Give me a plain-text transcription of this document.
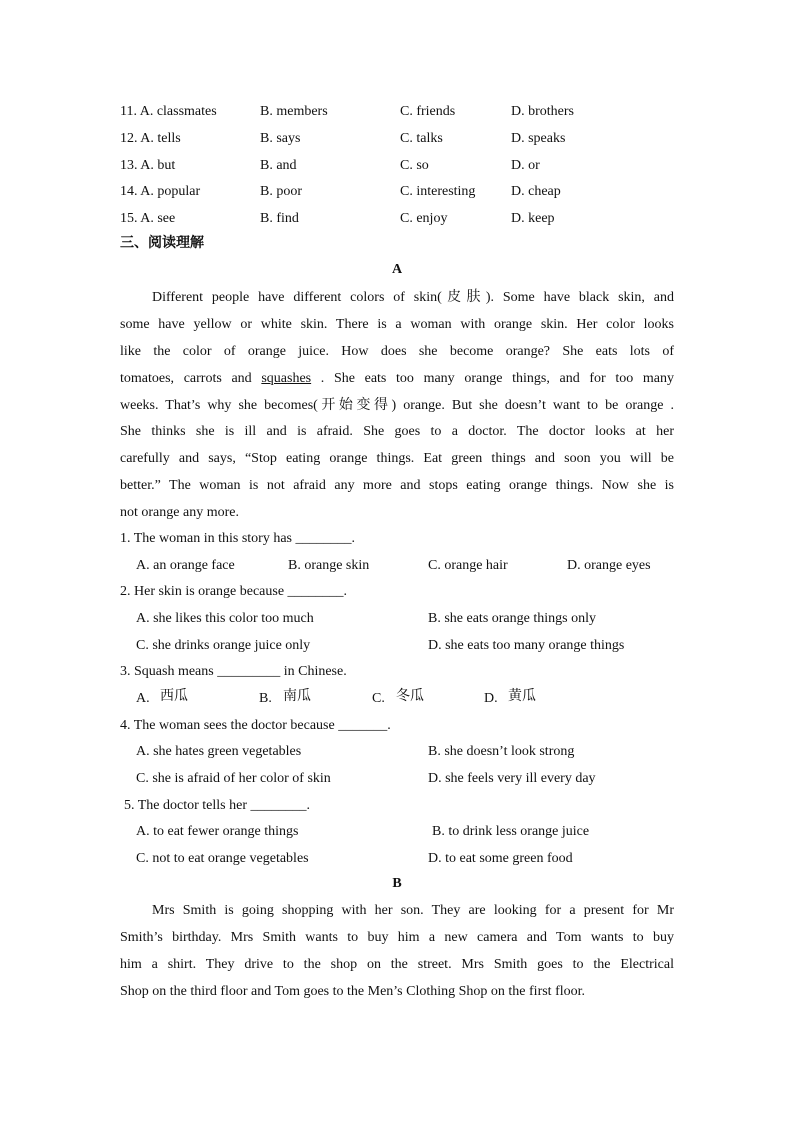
11. A. classmates	B. members	C. friends	D. brothers
12. A. tells	B. says	C. talks	D. speaks
13. A. but	B. and	C. so	D. or
14. A. popular	B. poor	C. interesting	D. cheap
15. A. see	B. find	C. enjoy	D. keep
三、阅读理解
A
Different people have different colors of skin(皮肤). Some have black skin, and
some have yellow or white skin. There is a woman with orange skin. Her color looks
like the color of orange juice. How does she become orange? She eats lots of
tomatoes, carrots and squashes . She eats too many orange things, and for too many
weeks. That’s why she becomes(开始变得) orange. But she doesn’t want to be orange .
She thinks she is ill and is afraid. She goes to a doctor. The doctor looks at her
carefully and says, “Stop eating orange things. Eat green things and soon you will be
better.” The woman is not afraid any more and stops eating orange things. Now she is
not orange any more.
1. The woman in this story has ________.
A. an orange face	B. orange skin	C. orange hair	D. orange eyes
2. Her skin is orange because ________.
A. she likes this color too much	B. she eats orange things only
C. she drinks orange juice only	D. she eats too many orange things
3. Squash means _________ in Chinese.
A. 西瓜	B. 南瓜	C. 冬瓜	D. 黄瓜
4. The woman sees the doctor because _______.
A. she hates green vegetables	B. she doesn’t look strong
C. she is afraid of her color of skin	D. she feels very ill every day
5. The doctor tells her ________.
A. to eat fewer orange things	B. to drink less orange juice
C. not to eat orange vegetables	D. to eat some green food
B
Mrs Smith is going shopping with her son. They are looking for a present for Mr
Smith’s birthday. Mrs Smith wants to buy him a new camera and Tom wants to buy
him a shirt. They drive to the shop on the street. Mrs Smith goes to the Electrical
Shop on the third floor and Tom goes to the Men’s Clothing Shop on the first floor.
